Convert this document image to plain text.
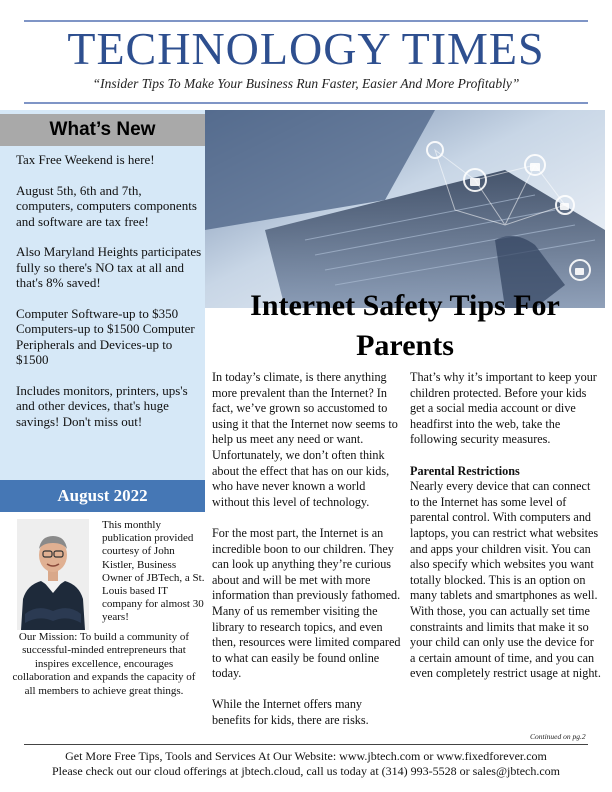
TECHNOLOGY TIMES
“Insider Tips To Make Your Business Run Faster, Easier And More Profitably”
What’s New

Tax Free Weekend is here!

August 5th, 6th and 7th, computers, computers components and software are tax free!

Also Maryland Heights participates fully so there's NO tax at all and that's 8% saved!

Computer Software-up to $350 Computers-up to $1500 Computer Peripherals and Devices-up to $1500

Includes monitors, printers, ups's and other devices, that's huge savings! Don't miss out!

August 2022
This monthly publication provided courtesy of John Kistler, Business Owner of JBTech, a St. Louis based IT company for almost 30 years!
Our Mission: To build a community of successful-minded entrepreneurs that inspires excellence, encourages collaboration and expands the capacity of all members to achieve great things.
Internet Safety Tips For Parents

In today’s climate, is there anything more prevalent than the Internet? In fact, we’ve grown so accustomed to using it that the Internet now seems to help us meet any need or want. Unfortunately, we don’t often think about the effect that has on our kids, who have never known a world without this level of technology.

For the most part, the Internet is an incredible boon to our children. They can look up anything they’re curious about and will be met with more information than previously fathomed. Many of us remember visiting the library to research topics, and even then, resources were limited compared to what can easily be found online today.

While the Internet offers many benefits for kids, there are risks.

That’s why it’s important to keep your children protected. Before your kids get a social media account or dive headfirst into the web, take the following security measures.

Parental Restrictions

Nearly every device that can connect to the Internet has some level of parental control. With computers and laptops, you can restrict what websites and apps your children visit. You can also specify which websites you want totally blocked. This is an option on many tablets and smartphones as well. With those, you can actually set time constraints and limits that make it so your child can only use the device for a certain amount of time, and you can even completely restrict usage at night.

Continued on pg.2
Get More Free Tips, Tools and Services At Our Website: www.jbtech.com or www.fixedforever.com
Please check out our cloud offerings at jbtech.cloud, call us today at (314) 993-5528 or sales@jbtech.com
